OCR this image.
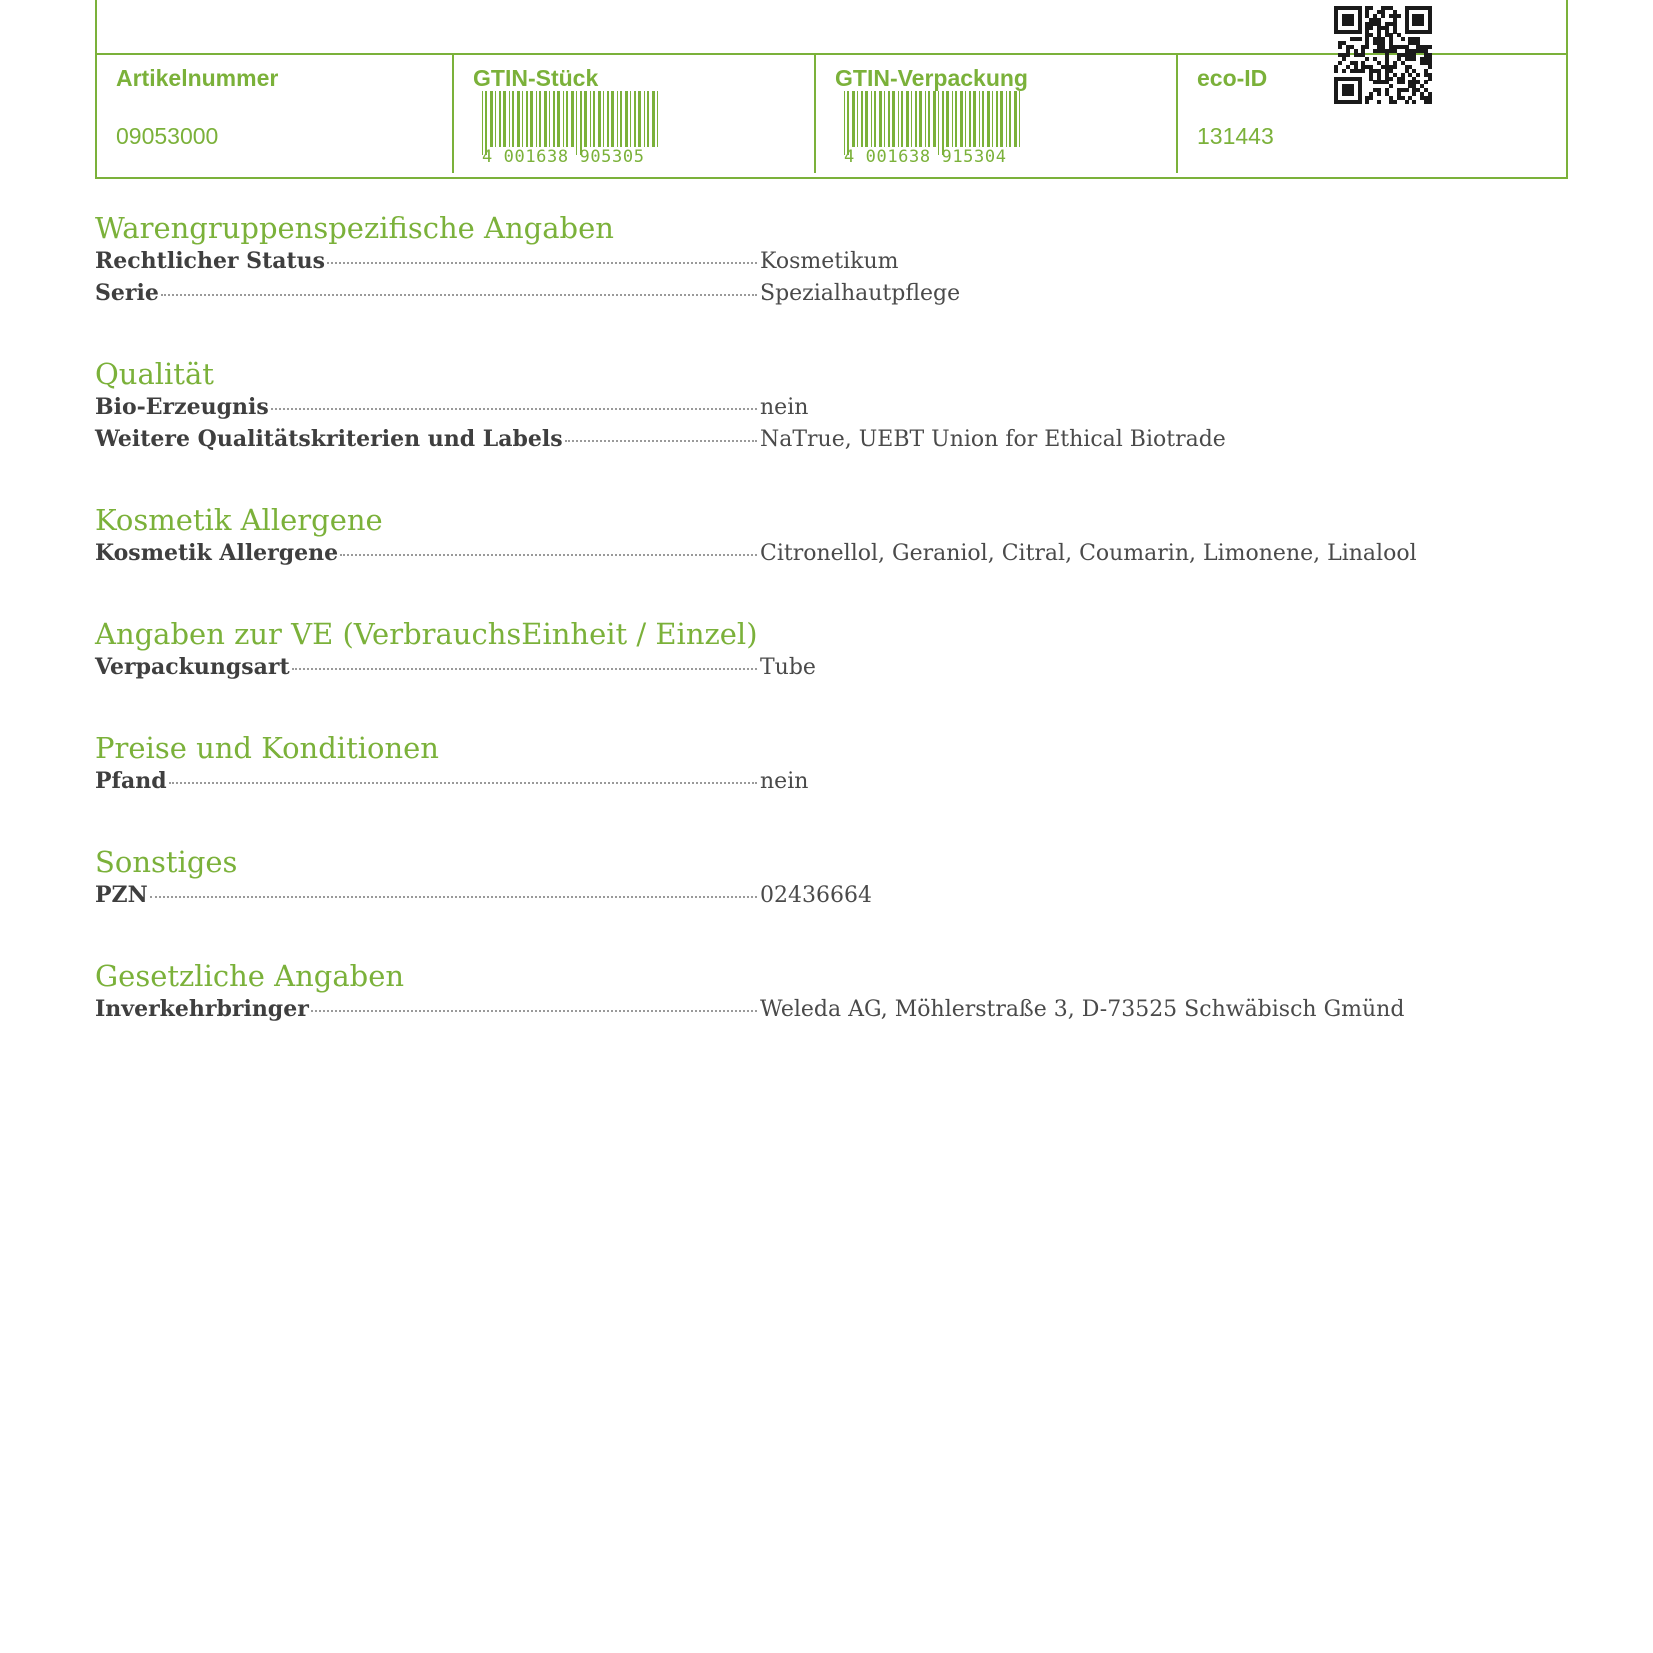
Artikelnummer
09053000
GTIN-Stück
4 001638 905305
GTIN-Verpackung
4 001638 915304
eco-ID
131443
Warengruppenspezifische Angaben
Rechtlicher Status	Kosmetikum
Serie	Spezialhautpflege
Qualität
Bio-Erzeugnis	nein
Weitere Qualitätskriterien und Labels	NaTrue, UEBT Union for Ethical Biotrade
Kosmetik Allergene
Kosmetik Allergene	Citronellol, Geraniol, Citral, Coumarin, Limonene, Linalool
Angaben zur VE (VerbrauchsEinheit / Einzel)
Verpackungsart	Tube
Preise und Konditionen
Pfand	nein
Sonstiges
PZN	02436664
Gesetzliche Angaben
Inverkehrbringer	Weleda AG, Möhlerstraße 3, D-73525 Schwäbisch Gmünd
